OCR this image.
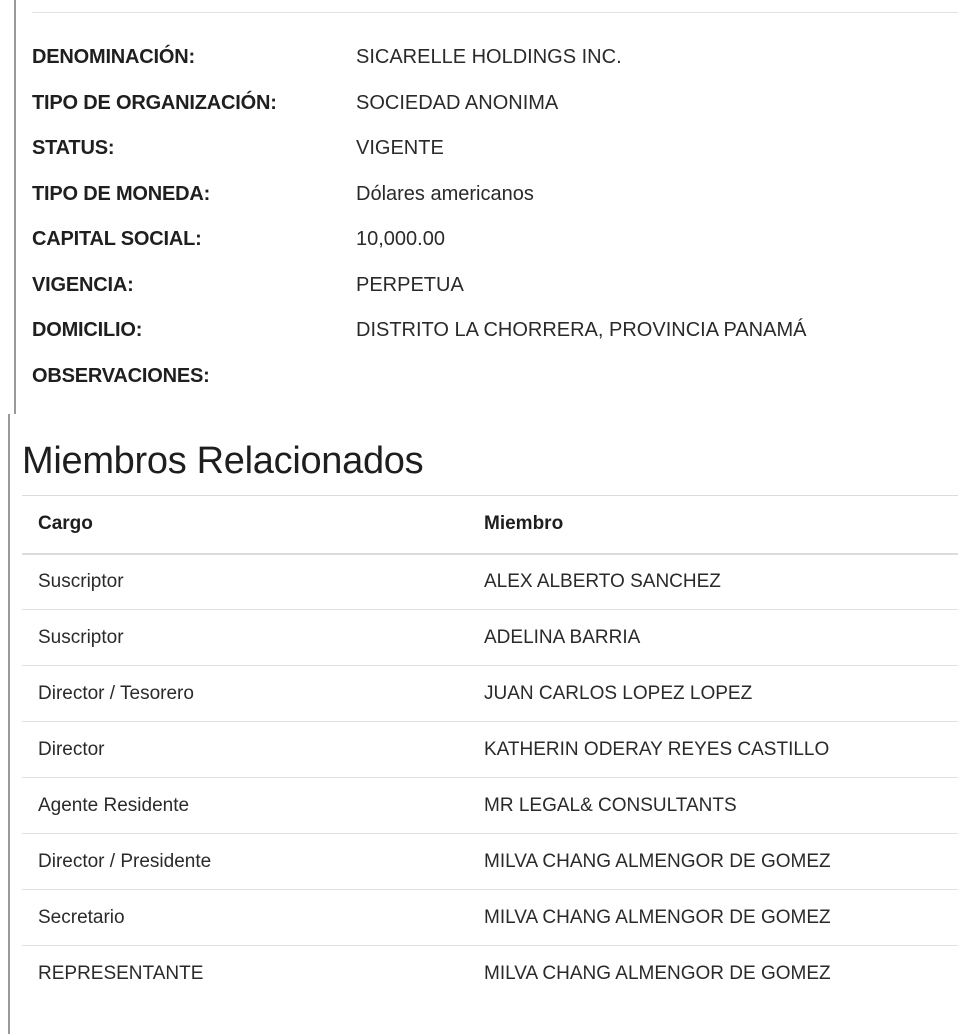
DENOMINACIÓN:	SICARELLE HOLDINGS INC.
TIPO DE ORGANIZACIÓN:	SOCIEDAD ANONIMA
STATUS:	VIGENTE
TIPO DE MONEDA:	Dólares americanos
CAPITAL SOCIAL:	10,000.00
VIGENCIA:	PERPETUA
DOMICILIO:	DISTRITO LA CHORRERA, PROVINCIA PANAMÁ
OBSERVACIONES:
Miembros Relacionados
Cargo	Miembro
Suscriptor	ALEX ALBERTO SANCHEZ
Suscriptor	ADELINA BARRIA
Director / Tesorero	JUAN CARLOS LOPEZ LOPEZ
Director	KATHERIN ODERAY REYES CASTILLO
Agente Residente	MR LEGAL& CONSULTANTS
Director / Presidente	MILVA CHANG ALMENGOR DE GOMEZ
Secretario	MILVA CHANG ALMENGOR DE GOMEZ
REPRESENTANTE	MILVA CHANG ALMENGOR DE GOMEZ
